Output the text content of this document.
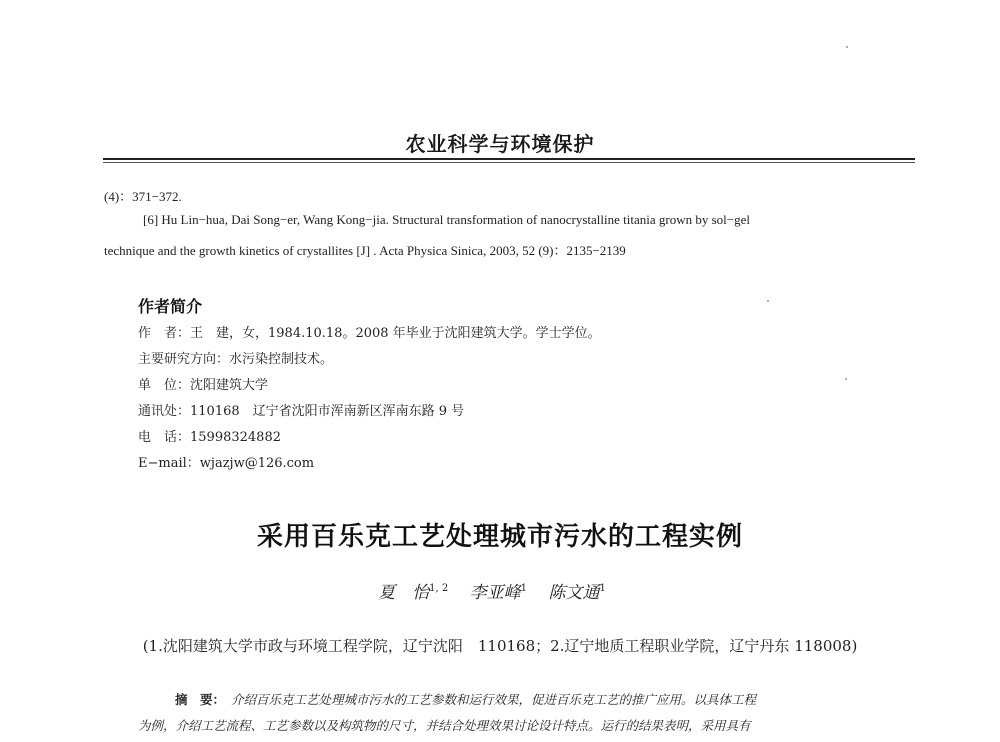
农业科学与环境保护
(4)：371−372.
[6] Hu Lin−hua, Dai Song−er, Wang Kong−jia. Structural transformation of nanocrystalline titania grown by sol−gel
technique and the growth kinetics of crystallites [J] . Acta Physica Sinica, 2003, 52 (9)：2135−2139
作者简介
作　者：王　建，女，1984.10.18。2008 年毕业于沈阳建筑大学。学士学位。
主要研究方向：水污染控制技术。
单　位：沈阳建筑大学
通讯处：110168　辽宁省沈阳市浑南新区浑南东路 9 号
电　话：15998324882
E−mail：wjazjw@126.com
采用百乐克工艺处理城市污水的工程实例
夏　怡$^{1, 2}$ 李亚峰$^1$ 陈文通$^1$
(1.沈阳建筑大学市政与环境工程学院，辽宁沈阳　110168；2.辽宁地质工程职业学院，辽宁丹东 118008)
摘　要： 介绍百乐克工艺处理城市污水的工艺参数和运行效果，促进百乐克工艺的推广应用。以具体工程
为例，介绍工艺流程、工艺参数以及构筑物的尺寸，并结合处理效果讨论设计特点。运行的结果表明，采用具有
